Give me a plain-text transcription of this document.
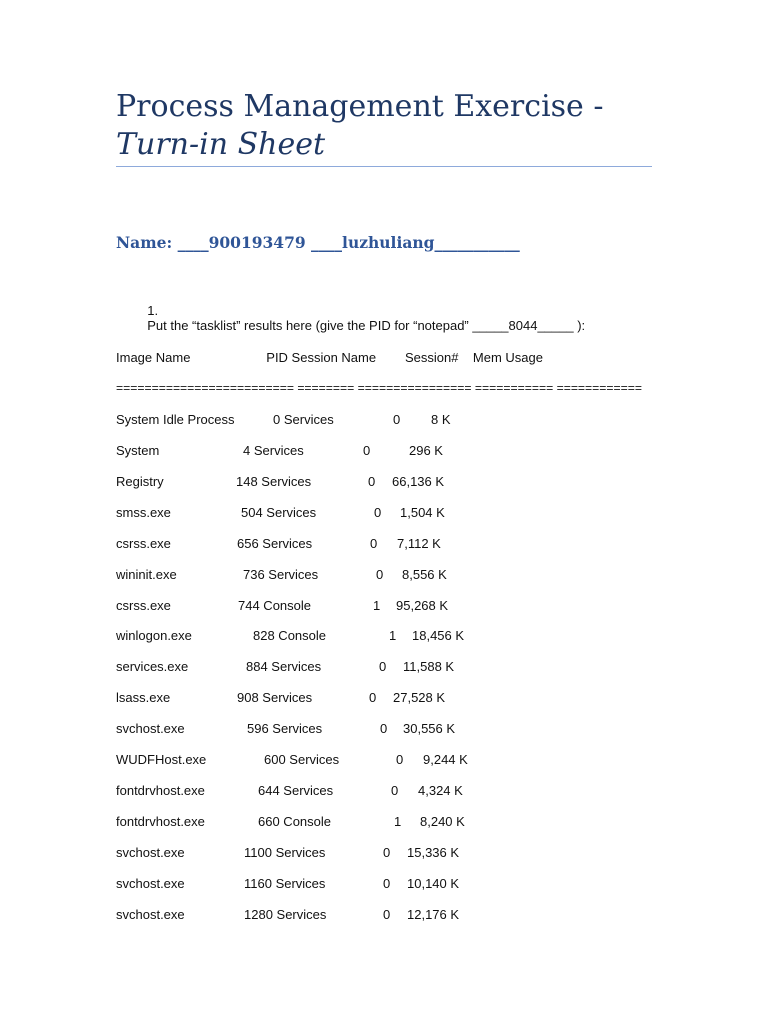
Process Management Exercise -
Turn-in Sheet
Name: ____900193479 ____luzhuliang___________

1.
Put the “tasklist” results here (give the PID for “notepad” _____8044_____ ):

Image Name                     PID Session Name        Session#    Mem Usage
========================= ======== ================ =========== ============
System Idle Process	0 Services	0 8 K
System	4 Services	0	296 K
Registry	148 Services	0 66,136 K
smss.exe	504 Services	0 1,504 K
csrss.exe	656 Services	0 7,112 K
wininit.exe	736 Services	0 8,556 K
csrss.exe	744 Console	1 95,268 K
winlogon.exe	828 Console	1 18,456 K
services.exe	884 Services	0 11,588 K
lsass.exe	908 Services	0 27,528 K
svchost.exe	596 Services	0 30,556 K
WUDFHost.exe	600 Services	0 9,244 K
fontdrvhost.exe	644 Services	0 4,324 K
fontdrvhost.exe	660 Console	1 8,240 K
svchost.exe	1100 Services	0 15,336 K
svchost.exe	1160 Services	0 10,140 K
svchost.exe	1280 Services	0 12,176 K
